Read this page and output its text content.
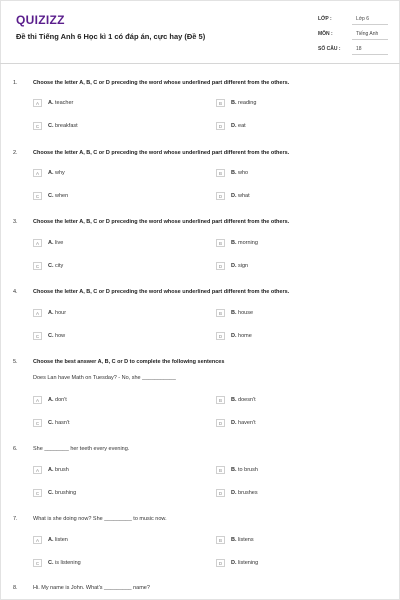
QUIZIZZ
Đề thi Tiếng Anh 6 Học kì 1 có đáp án, cực hay (Đề 5)
LỚP :	Lớp 6
MÔN :	Tiếng Anh
SỐ CÂU :	18
1.	Choose the letter A, B, C or D preceding the word whose underlined part different from the others.
A	A. teacher	B	B. reading
C	C. breakfast	D	D. eat
2.	Choose the letter A, B, C or D preceding the word whose underlined part different from the others.
A	A. why	B	B. who
C	C. when	D	D. what
3.	Choose the letter A, B, C or D preceding the word whose underlined part different from the others.
A	A. live	B	B. morning
C	C. city	D	D. sign
4.	Choose the letter A, B, C or D preceding the word whose underlined part different from the others.
A	A. hour	B	B. house
C	C. how	D	D. home
5.	Choose the best answer A, B, C or D to complete the following sentences
Does Lan have Math on Tuesday? - No, she ___________
A	A. don't	B	B. doesn't
C	C. hasn't	D	D. haven't
6.	She ________ her teeth every evening.
A	A. brush	B	B. to brush
C	C. brushing	D	D. brushes
7.	What is she doing now? She _________ to music now.
A	A. listen	B	B. listens
C	C. is listening	D	D. listening
8.	Hi. My name is John. What's _________ name?
